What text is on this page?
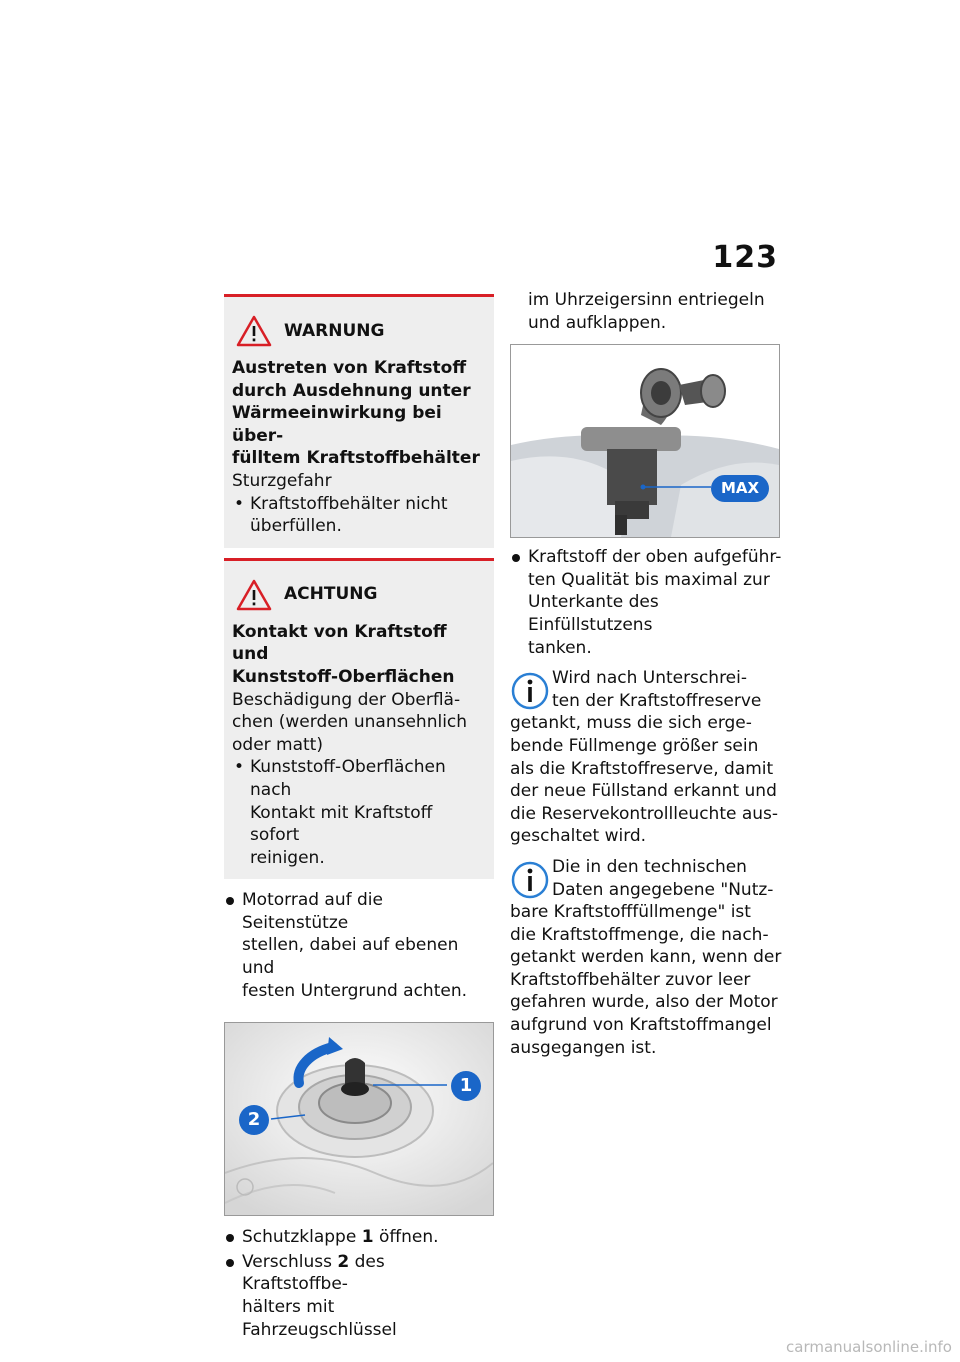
123
WARNUNG
Austreten von Kraftstoff
durch Ausdehnung unter
Wärmeeinwirkung bei über-
fülltem Kraftstoffbehälter
Sturzgefahr
• Kraftstoffbehälter nicht
überfüllen.
ACHTUNG
Kontakt von Kraftstoff und
Kunststoff-Oberflächen
Beschädigung der Oberflä-
chen (werden unansehnlich
oder matt)
• Kunststoff-Oberflächen nach
Kontakt mit Kraftstoff sofort
reinigen.
Motorrad auf die Seitenstütze
stellen, dabei auf ebenen und
festen Untergrund achten.
1
2
Schutzklappe 1 öffnen.
Verschluss 2 des Kraftstoffbe-
hälters mit Fahrzeugschlüssel
im Uhrzeigersinn entriegeln
und aufklappen.
MAX
Kraftstoff der oben aufgeführ-
ten Qualität bis maximal zur
Unterkante des Einfüllstutzens
tanken.
Wird nach Unterschrei-
ten der Kraftstoffreserve
getankt, muss die sich erge-
bende Füllmenge größer sein
als die Kraftstoffreserve, damit
der neue Füllstand erkannt und
die Reservekontrollleuchte aus-
geschaltet wird.
Die in den technischen
Daten angegebene "Nutz-
bare Kraftstofffüllmenge" ist
die Kraftstoffmenge, die nach-
getankt werden kann, wenn der
Kraftstoffbehälter zuvor leer
gefahren wurde, also der Motor
aufgrund von Kraftstoffmangel
ausgegangen ist.
carmanualsonline.info
